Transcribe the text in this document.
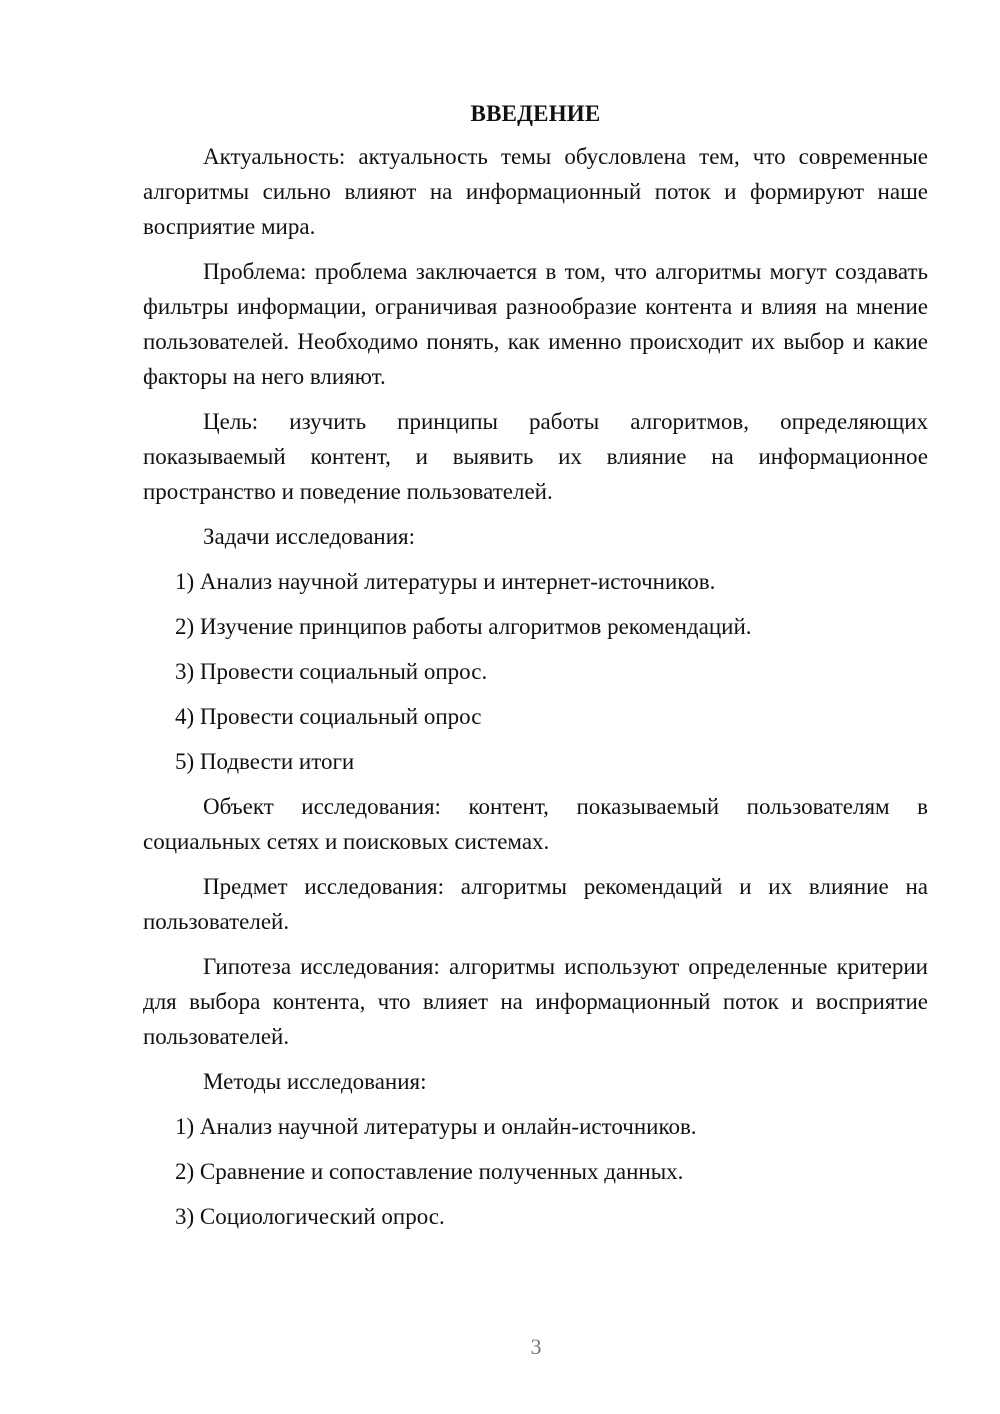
ВВЕДЕНИЕ

Актуальность: актуальность темы обусловлена тем, что современные алгоритмы сильно влияют на информационный поток и формируют наше восприятие мира.

Проблема: проблема заключается в том, что алгоритмы могут создавать фильтры информации, ограничивая разнообразие контента и влияя на мнение пользователей. Необходимо понять, как именно происходит их выбор и какие факторы на него влияют.

Цель: изучить принципы работы алгоритмов, определяющих показываемый контент, и выявить их влияние на информационное пространство и поведение пользователей.

Задачи исследования:

1) Анализ научной литературы и интернет-источников.
2) Изучение принципов работы алгоритмов рекомендаций.
3) Провести социальный опрос.
4) Провести социальный опрос
5) Подвести итоги

Объект исследования: контент, показываемый пользователям в социальных сетях и поисковых системах.

Предмет исследования: алгоритмы рекомендаций и их влияние на пользователей.

Гипотеза исследования: алгоритмы используют определенные критерии для выбора контента, что влияет на информационный поток и восприятие пользователей.

Методы исследования:

1) Анализ научной литературы и онлайн-источников.
2) Сравнение и сопоставление полученных данных.
3) Социологический опрос.
3
